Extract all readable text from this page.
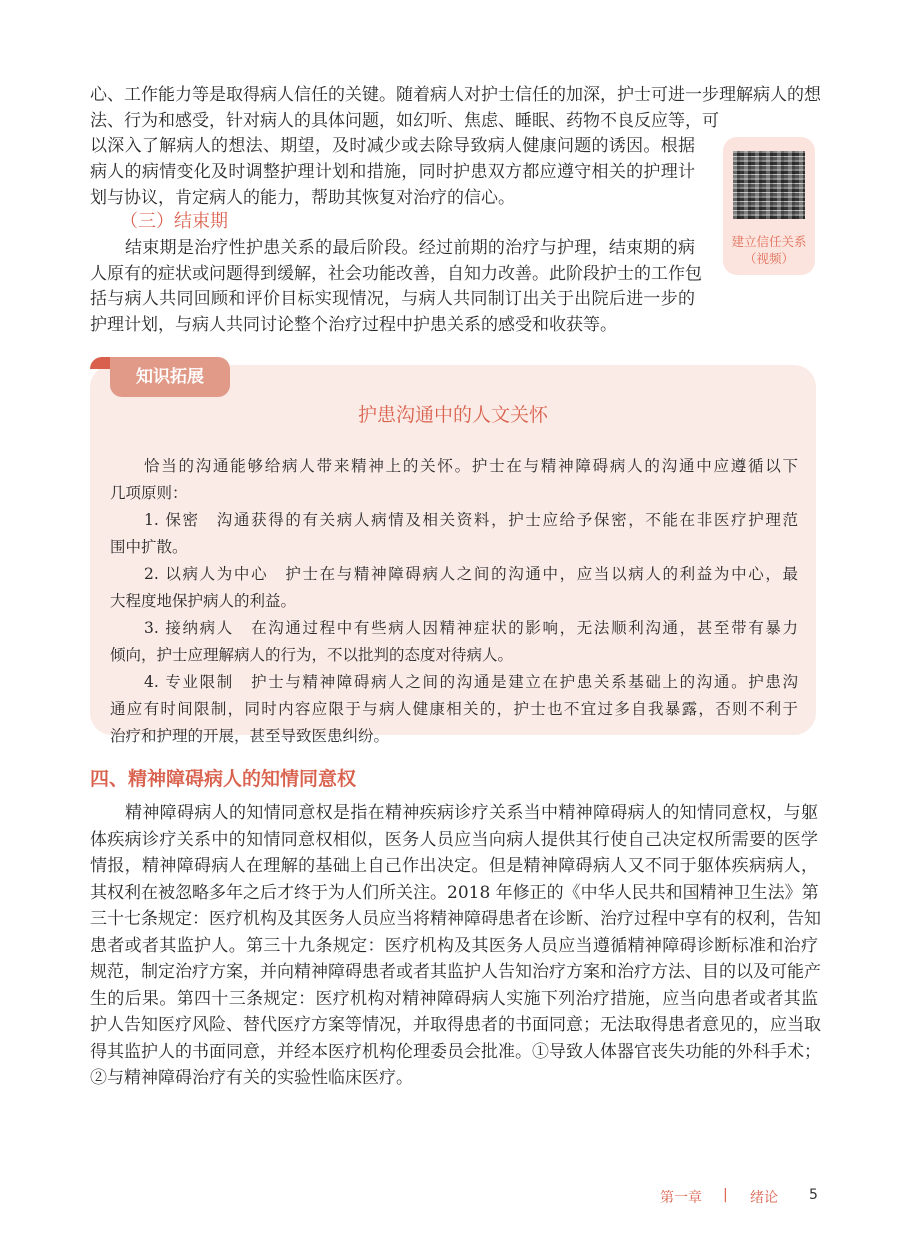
心、工作能力等是取得病人信任的关键。随着病人对护士信任的加深，护士可进一步理解病人的想
法、行为和感受，针对病人的具体问题，如幻听、焦虑、睡眠、药物不良反应等，可
以深入了解病人的想法、期望，及时减少或去除导致病人健康问题的诱因。根据
病人的病情变化及时调整护理计划和措施，同时护患双方都应遵守相关的护理计
划与协议，肯定病人的能力，帮助其恢复对治疗的信心。
（三）结束期
结束期是治疗性护患关系的最后阶段。经过前期的治疗与护理，结束期的病
人原有的症状或问题得到缓解，社会功能改善，自知力改善。此阶段护士的工作包
括与病人共同回顾和评价目标实现情况，与病人共同制订出关于出院后进一步的
护理计划，与病人共同讨论整个治疗过程中护患关系的感受和收获等。
建立信任关系
（视频）
知识拓展
护患沟通中的人文关怀
恰当的沟通能够给病人带来精神上的关怀。护士在与精神障碍病人的沟通中应遵循以下
几项原则：
1. 保密　沟通获得的有关病人病情及相关资料，护士应给予保密，不能在非医疗护理范
围中扩散。
2. 以病人为中心　护士在与精神障碍病人之间的沟通中，应当以病人的利益为中心，最
大程度地保护病人的利益。
3. 接纳病人　在沟通过程中有些病人因精神症状的影响，无法顺利沟通，甚至带有暴力
倾向，护士应理解病人的行为，不以批判的态度对待病人。
4. 专业限制　护士与精神障碍病人之间的沟通是建立在护患关系基础上的沟通。护患沟
通应有时间限制，同时内容应限于与病人健康相关的，护士也不宜过多自我暴露，否则不利于
治疗和护理的开展，甚至导致医患纠纷。
四、精神障碍病人的知情同意权
精神障碍病人的知情同意权是指在精神疾病诊疗关系当中精神障碍病人的知情同意权，与躯
体疾病诊疗关系中的知情同意权相似，医务人员应当向病人提供其行使自己决定权所需要的医学
情报，精神障碍病人在理解的基础上自己作出决定。但是精神障碍病人又不同于躯体疾病病人，
其权利在被忽略多年之后才终于为人们所关注。2018 年修正的《中华人民共和国精神卫生法》第
三十七条规定：医疗机构及其医务人员应当将精神障碍患者在诊断、治疗过程中享有的权利，告知
患者或者其监护人。第三十九条规定：医疗机构及其医务人员应当遵循精神障碍诊断标准和治疗
规范，制定治疗方案，并向精神障碍患者或者其监护人告知治疗方案和治疗方法、目的以及可能产
生的后果。第四十三条规定：医疗机构对精神障碍病人实施下列治疗措施，应当向患者或者其监
护人告知医疗风险、替代医疗方案等情况，并取得患者的书面同意；无法取得患者意见的，应当取
得其监护人的书面同意，并经本医疗机构伦理委员会批准。①导致人体器官丧失功能的外科手术；
②与精神障碍治疗有关的实验性临床医疗。
第一章 | 绪论 5
